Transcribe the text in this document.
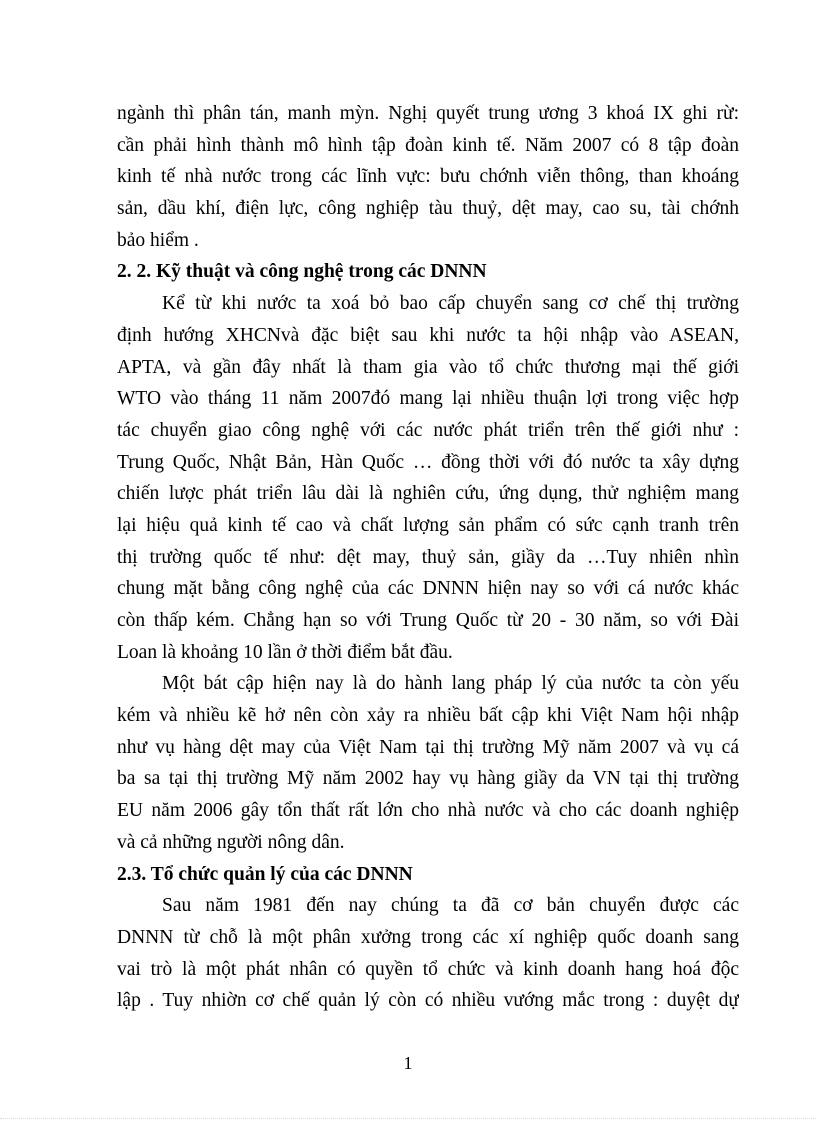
ngành thì phân tán, manh mỳn. Nghị quyết trung ương 3 khoá IX ghi rừ:
cần phải hình thành mô hình tập đoàn kinh tế. Năm 2007 có 8 tập đoàn
kinh tế nhà nước trong các lĩnh vực: bưu chớnh viễn thông, than khoáng
sản, dầu khí, điện lực, công nghiệp tàu thuỷ, dệt may, cao su, tài chớnh
bảo hiểm .
2. 2. Kỹ thuật và công nghệ trong các DNNN
Kể từ khi nước ta xoá bỏ bao cấp chuyển sang cơ chế thị trường
định hướng XHCNvà đặc biệt sau khi nước ta hội nhập vào ASEAN,
APTA, và gần đây nhất là tham gia vào tổ chức thương mại thế giới
WTO vào tháng 11 năm 2007đó mang lại nhiều thuận lợi trong việc hợp
tác chuyển giao công nghệ với các nước phát triển trên thế giới như :
Trung Quốc, Nhật Bản, Hàn Quốc … đồng thời với đó nước ta xây dựng
chiến lược phát triển lâu dài là nghiên cứu, ứng dụng, thử nghiệm mang
lại hiệu quả kinh tế cao và chất lượng sản phẩm có sức cạnh tranh trên
thị trường quốc tế như: dệt may, thuỷ sản, giầy da …Tuy nhiên nhìn
chung mặt bằng công nghệ của các DNNN hiện nay so với cá nước khác
còn thấp kém. Chẳng hạn so với Trung Quốc từ 20 - 30 năm, so với Đài
Loan là khoảng 10 lần ở thời điểm bắt đầu.
Một bát cập hiện nay là do hành lang pháp lý của nước ta còn yếu
kém và nhiều kẽ hở nên còn xảy ra nhiều bất cập khi Việt Nam hội nhập
như vụ hàng dệt may của Việt Nam tại thị trường Mỹ năm 2007 và vụ cá
ba sa tại thị trường Mỹ năm 2002 hay vụ hàng giầy da VN tại thị trường
EU năm 2006 gây tổn thất rất lớn cho nhà nước và cho các doanh nghiệp
và cả những người nông dân.
2.3. Tổ chức quản lý của các DNNN
Sau năm 1981 đến nay chúng ta đã cơ bản chuyển được các
DNNN từ chỗ là một phân xưởng trong các xí nghiệp quốc doanh sang
vai trò là một phát nhân có quyền tổ chức và kinh doanh hang hoá độc
lập . Tuy nhiờn cơ chế quản lý còn có nhiều vướng mắc trong : duyệt dự
1
